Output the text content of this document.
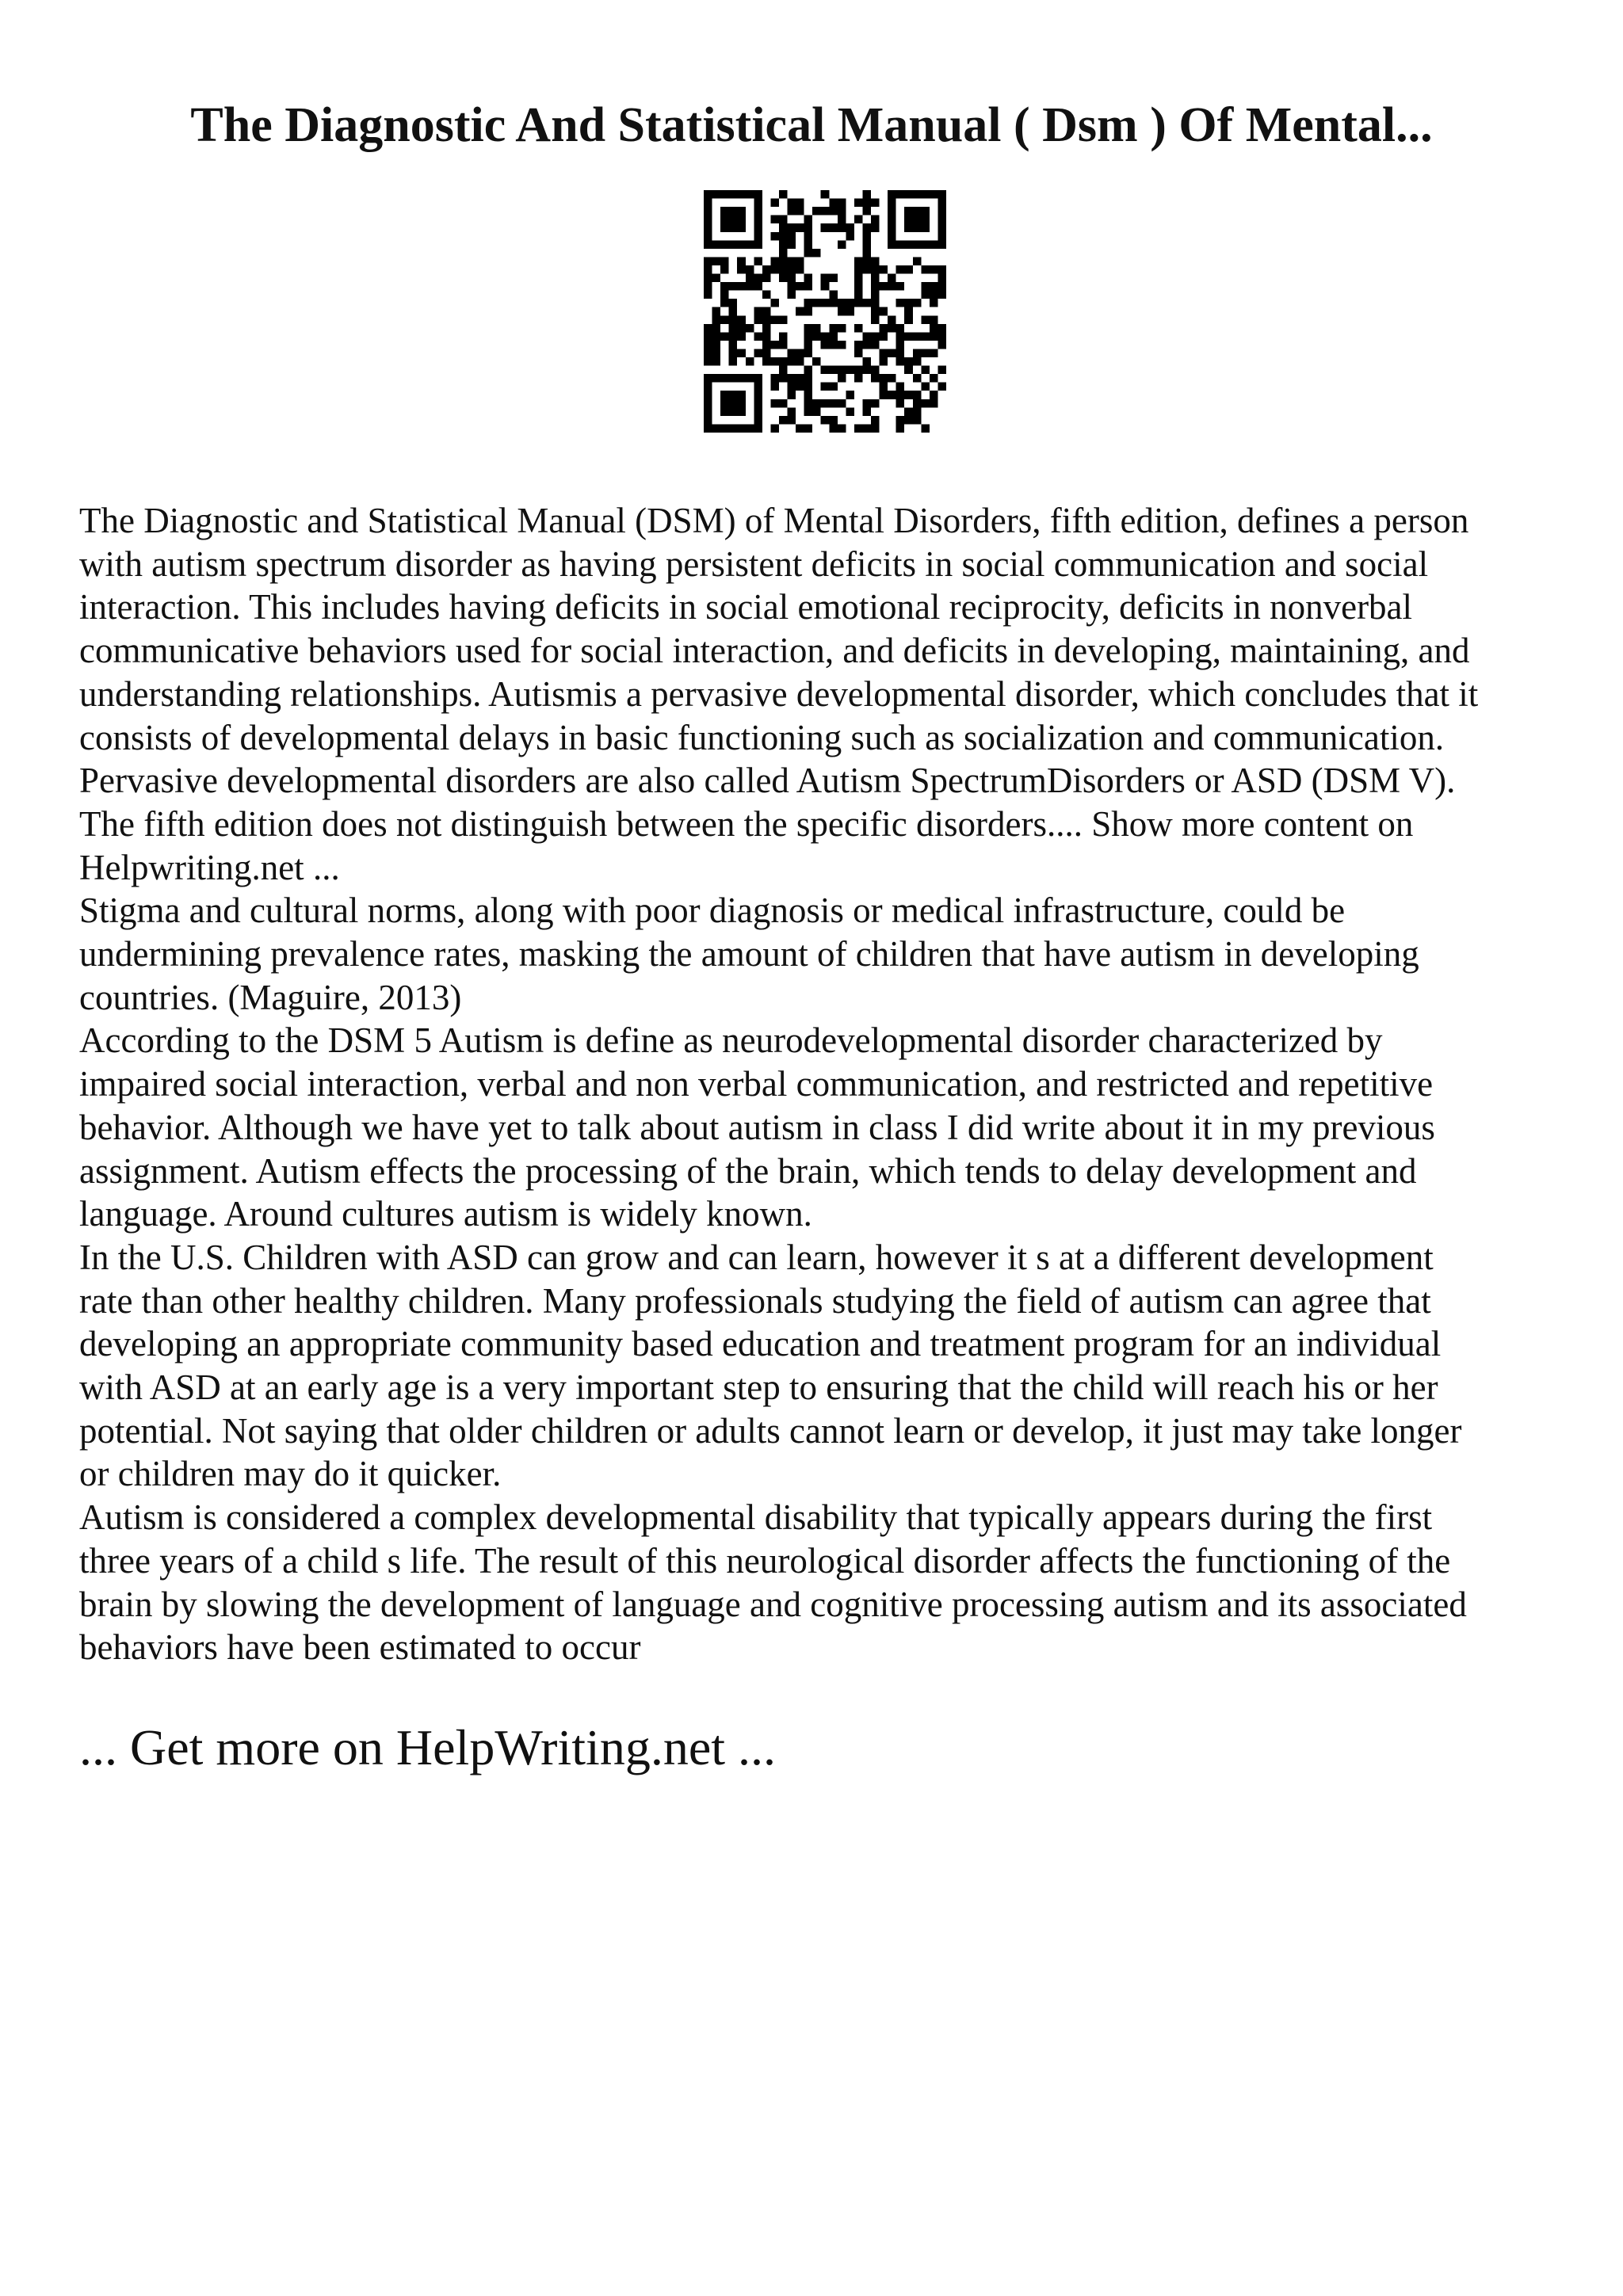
The Diagnostic And Statistical Manual ( Dsm ) Of Mental...

The Diagnostic and Statistical Manual (DSM) of Mental Disorders, fifth edition, defines a person
with autism spectrum disorder as having persistent deficits in social communication and social
interaction. This includes having deficits in social emotional reciprocity, deficits in nonverbal
communicative behaviors used for social interaction, and deficits in developing, maintaining, and
understanding relationships. Autismis a pervasive developmental disorder, which concludes that it
consists of developmental delays in basic functioning such as socialization and communication.
Pervasive developmental disorders are also called Autism SpectrumDisorders or ASD (DSM V).
The fifth edition does not distinguish between the specific disorders.... Show more content on
Helpwriting.net ...

Stigma and cultural norms, along with poor diagnosis or medical infrastructure, could be
undermining prevalence rates, masking the amount of children that have autism in developing
countries. (Maguire, 2013)

According to the DSM 5 Autism is define as neurodevelopmental disorder characterized by
impaired social interaction, verbal and non verbal communication, and restricted and repetitive
behavior. Although we have yet to talk about autism in class I did write about it in my previous
assignment. Autism effects the processing of the brain, which tends to delay development and
language. Around cultures autism is widely known.

In the U.S. Children with ASD can grow and can learn, however it s at a different development
rate than other healthy children. Many professionals studying the field of autism can agree that
developing an appropriate community based education and treatment program for an individual
with ASD at an early age is a very important step to ensuring that the child will reach his or her
potential. Not saying that older children or adults cannot learn or develop, it just may take longer
or children may do it quicker.

Autism is considered a complex developmental disability that typically appears during the first
three years of a child s life. The result of this neurological disorder affects the functioning of the
brain by slowing the development of language and cognitive processing autism and its associated
behaviors have been estimated to occur

... Get more on HelpWriting.net ...
